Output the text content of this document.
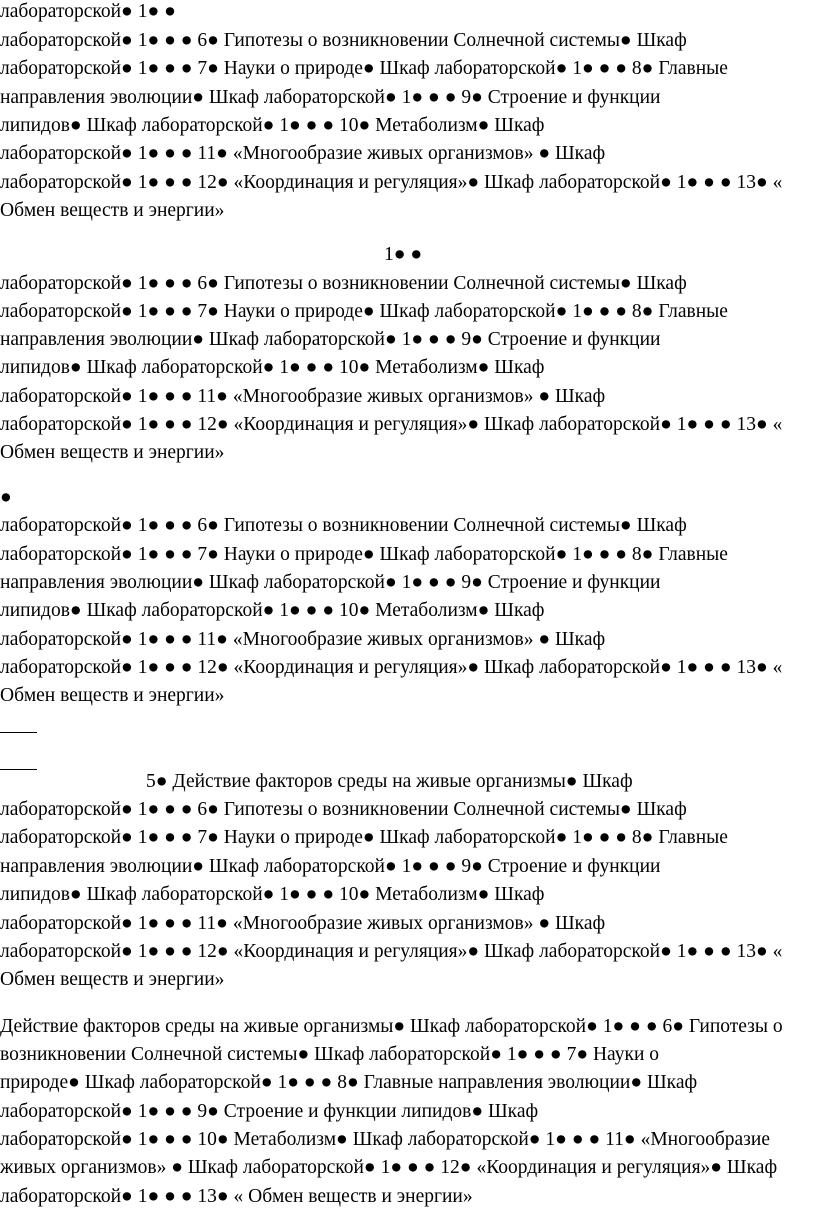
лабораторской● 1● ●
лабораторской● 1● ● ● 6● Гипотезы о возникновении Солнечной системы● Шкаф
лабораторской● 1● ● ● 7● Науки о природе● Шкаф лабораторской● 1● ● ● 8● Главные
направления эволюции● Шкаф лабораторской● 1● ● ● 9● Строение и функции
липидов● Шкаф лабораторской● 1● ● ● 10● Метаболизм● Шкаф
лабораторской● 1● ● ● 11● «Многообразие живых организмов» ● Шкаф
лабораторской● 1● ● ● 12● «Координация и регуляция»● Шкаф лабораторской● 1● ● ● 13● «
Обмен веществ и энергии»
1● ●
лабораторской● 1● ● ● 6● Гипотезы о возникновении Солнечной системы● Шкаф
лабораторской● 1● ● ● 7● Науки о природе● Шкаф лабораторской● 1● ● ● 8● Главные
направления эволюции● Шкаф лабораторской● 1● ● ● 9● Строение и функции
липидов● Шкаф лабораторской● 1● ● ● 10● Метаболизм● Шкаф
лабораторской● 1● ● ● 11● «Многообразие живых организмов» ● Шкаф
лабораторской● 1● ● ● 12● «Координация и регуляция»● Шкаф лабораторской● 1● ● ● 13● «
Обмен веществ и энергии»
●
лабораторской● 1● ● ● 6● Гипотезы о возникновении Солнечной системы● Шкаф
лабораторской● 1● ● ● 7● Науки о природе● Шкаф лабораторской● 1● ● ● 8● Главные
направления эволюции● Шкаф лабораторской● 1● ● ● 9● Строение и функции
липидов● Шкаф лабораторской● 1● ● ● 10● Метаболизм● Шкаф
лабораторской● 1● ● ● 11● «Многообразие живых организмов» ● Шкаф
лабораторской● 1● ● ● 12● «Координация и регуляция»● Шкаф лабораторской● 1● ● ● 13● «
Обмен веществ и энергии»
5● Действие факторов среды на живые организмы● Шкаф
лабораторской● 1● ● ● 6● Гипотезы о возникновении Солнечной системы● Шкаф
лабораторской● 1● ● ● 7● Науки о природе● Шкаф лабораторской● 1● ● ● 8● Главные
направления эволюции● Шкаф лабораторской● 1● ● ● 9● Строение и функции
липидов● Шкаф лабораторской● 1● ● ● 10● Метаболизм● Шкаф
лабораторской● 1● ● ● 11● «Многообразие живых организмов» ● Шкаф
лабораторской● 1● ● ● 12● «Координация и регуляция»● Шкаф лабораторской● 1● ● ● 13● «
Обмен веществ и энергии»
Действие факторов среды на живые организмы● Шкаф лабораторской● 1● ● ● 6● Гипотезы о
возникновении Солнечной системы● Шкаф лабораторской● 1● ● ● 7● Науки о
природе● Шкаф лабораторской● 1● ● ● 8● Главные направления эволюции● Шкаф
лабораторской● 1● ● ● 9● Строение и функции липидов● Шкаф
лабораторской● 1● ● ● 10● Метаболизм● Шкаф лабораторской● 1● ● ● 11● «Многообразие
живых организмов» ● Шкаф лабораторской● 1● ● ● 12● «Координация и регуляция»● Шкаф
лабораторской● 1● ● ● 13● « Обмен веществ и энергии»
